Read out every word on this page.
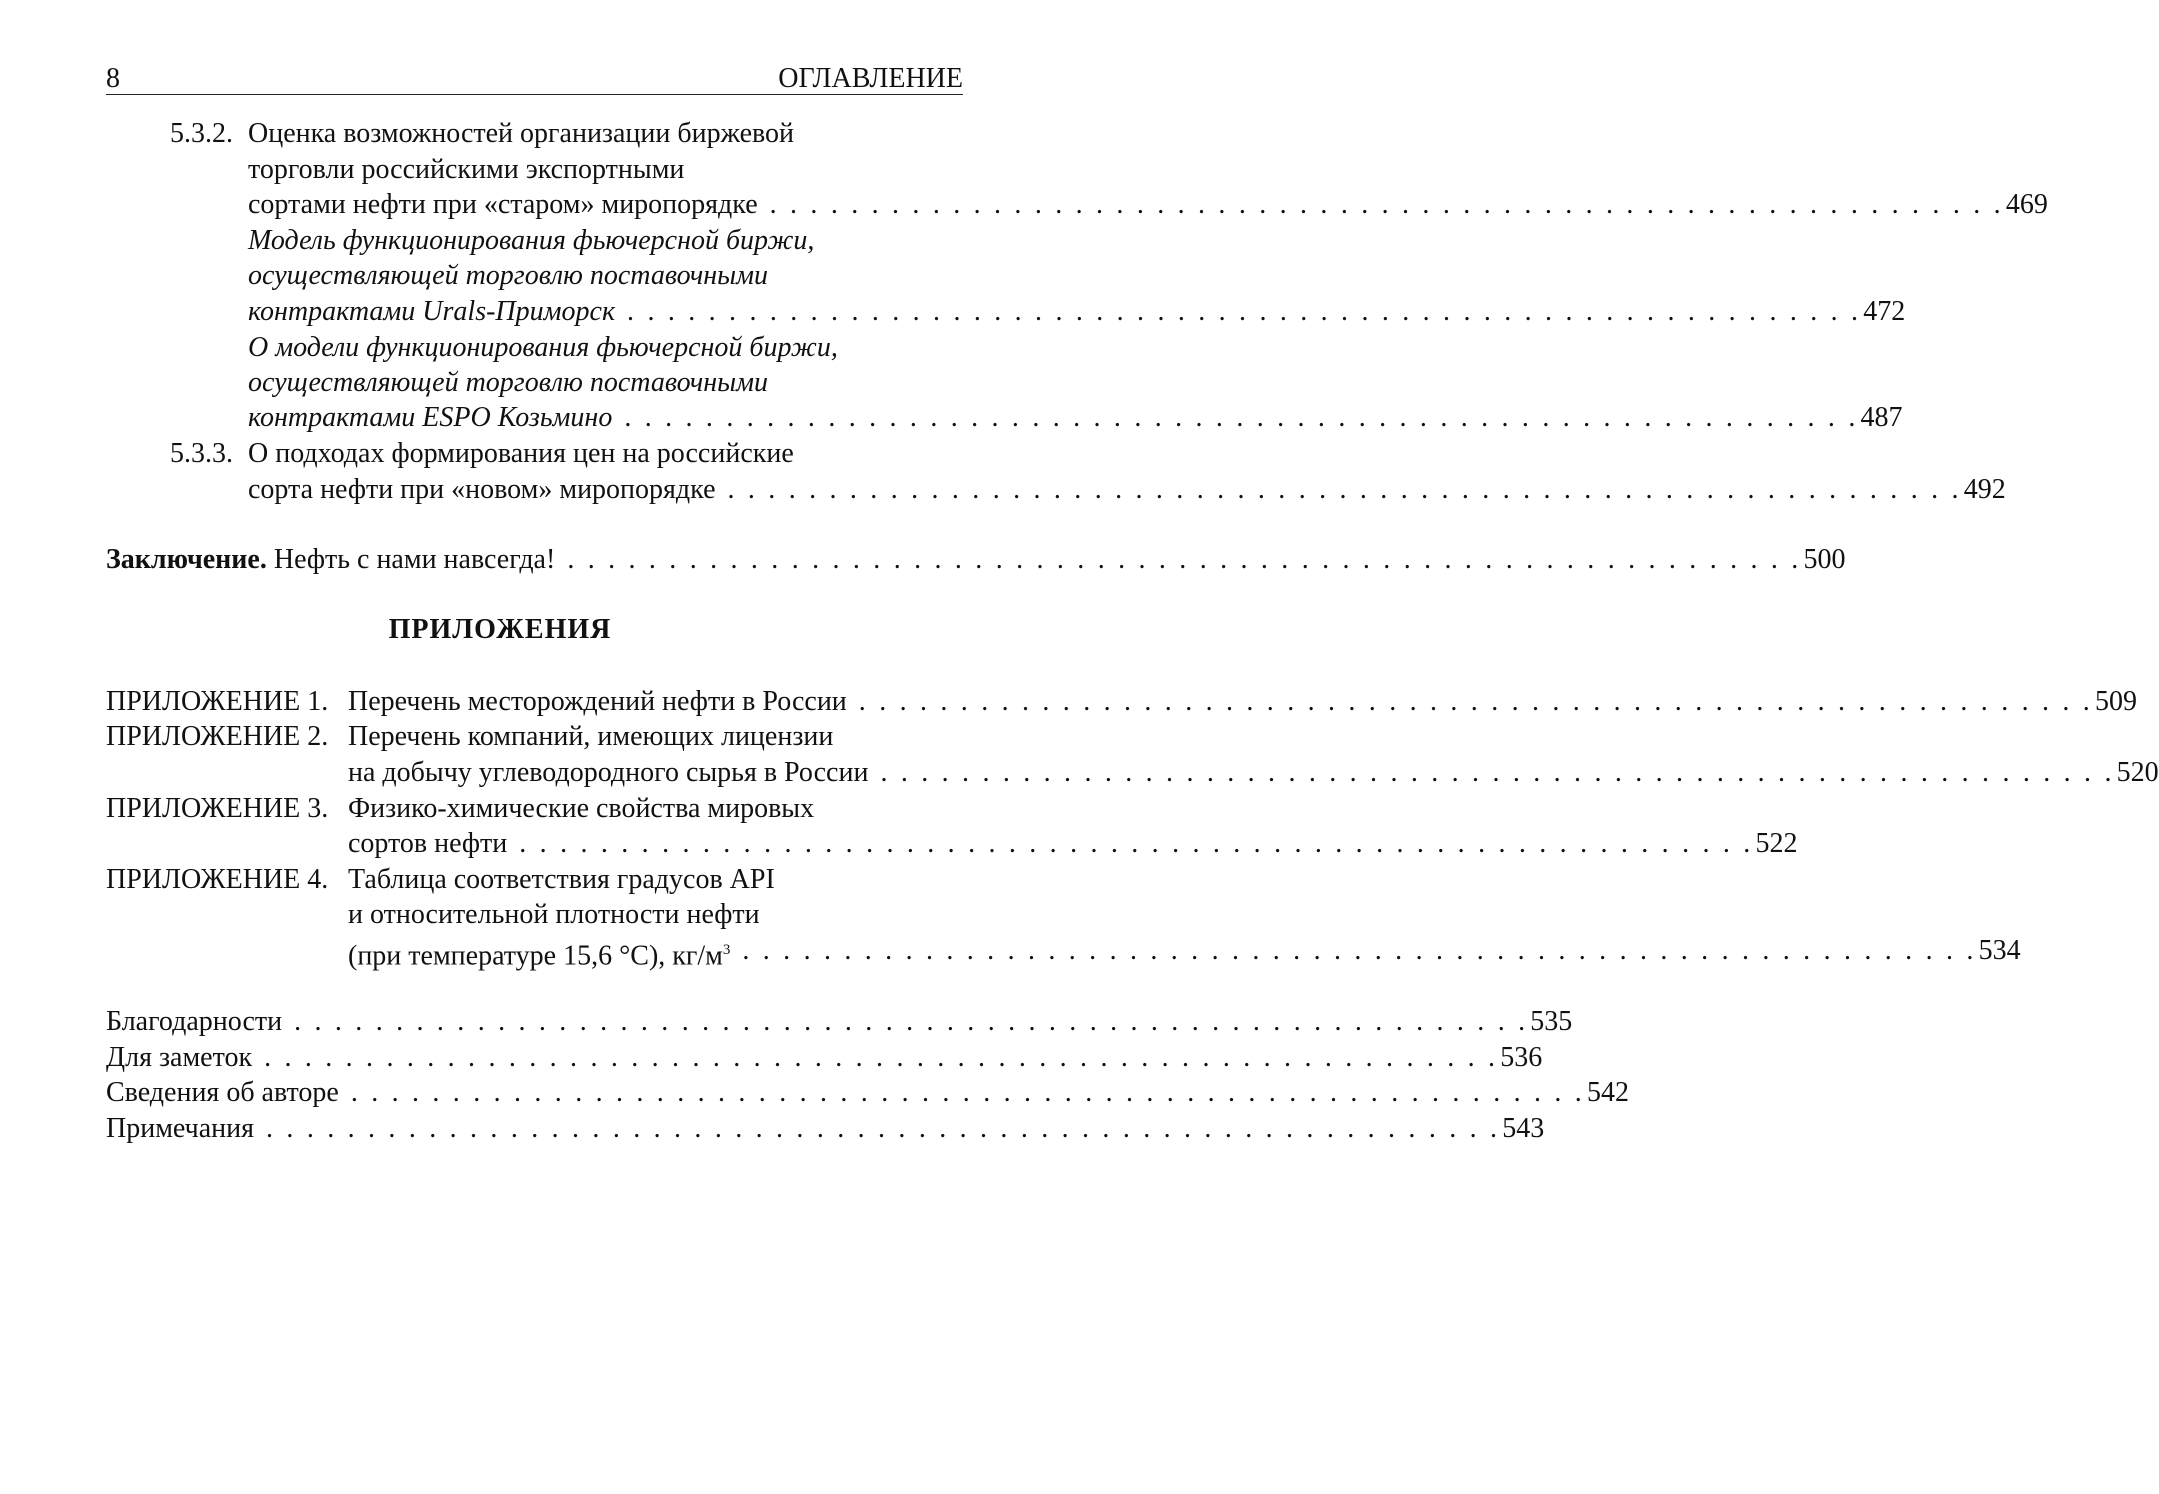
8	ОГЛАВЛЕНИЕ
5.3.2. Оценка возможностей организации биржевой
торговли российскими экспортными
сортами нефти при «старом» миропорядке . . . . . . . . . . . . . . . . . . . . . . . . . . . . . . . . . . . . . . . . . . . . . . . . . . . . . . . . . . . . . 469
Модель функционирования фьючерсной биржи,
осуществляющей торговлю поставочными
контрактами Urals-Приморск . . . . . . . . . . . . . . . . . . . . . . . . . . . . . . . . . . . . . . . . . . . . . . . . . . . . . . . . . . . . . 472
О модели функционирования фьючерсной биржи,
осуществляющей торговлю поставочными
контрактами ESPO Козьмино . . . . . . . . . . . . . . . . . . . . . . . . . . . . . . . . . . . . . . . . . . . . . . . . . . . . . . . . . . . . . 487
5.3.3. О подходах формирования цен на российские
сорта нефти при «новом» миропорядке . . . . . . . . . . . . . . . . . . . . . . . . . . . . . . . . . . . . . . . . . . . . . . . . . . . . . . . . . . . . . 492
Заключение. Нефть с нами навсегда! . . . . . . . . . . . . . . . . . . . . . . . . . . . . . . . . . . . . . . . . . . . . . . . . . . . . . . . . . . . . . 500
ПРИЛОЖЕНИЯ
ПРИЛОЖЕНИЕ 1. Перечень месторождений нефти в России . . . . . . . . . . . . . . . . . . . . . . . . . . . . . . . . . . . . . . . . . . . . . . . . . . . . . . . . . . . . . 509
ПРИЛОЖЕНИЕ 2. Перечень компаний, имеющих лицензии
на добычу углеводородного сырья в России . . . . . . . . . . . . . . . . . . . . . . . . . . . . . . . . . . . . . . . . . . . . . . . . . . . . . . . . . . . . . 520
ПРИЛОЖЕНИЕ 3. Физико-химические свойства мировых
сортов нефти . . . . . . . . . . . . . . . . . . . . . . . . . . . . . . . . . . . . . . . . . . . . . . . . . . . . . . . . . . . . . 522
ПРИЛОЖЕНИЕ 4. Таблица соответствия градусов API
и относительной плотности нефти
(при температуре 15,6 °С), $кг/м^3$ . . . . . . . . . . . . . . . . . . . . . . . . . . . . . . . . . . . . . . . . . . . . . . . . . . . . . . . . . . . . . 534
Благодарности . . . . . . . . . . . . . . . . . . . . . . . . . . . . . . . . . . . . . . . . . . . . . . . . . . . . . . . . . . . . . 535
Для заметок . . . . . . . . . . . . . . . . . . . . . . . . . . . . . . . . . . . . . . . . . . . . . . . . . . . . . . . . . . . . . 536
Сведения об авторе . . . . . . . . . . . . . . . . . . . . . . . . . . . . . . . . . . . . . . . . . . . . . . . . . . . . . . . . . . . . . 542
Примечания . . . . . . . . . . . . . . . . . . . . . . . . . . . . . . . . . . . . . . . . . . . . . . . . . . . . . . . . . . . . . 543
